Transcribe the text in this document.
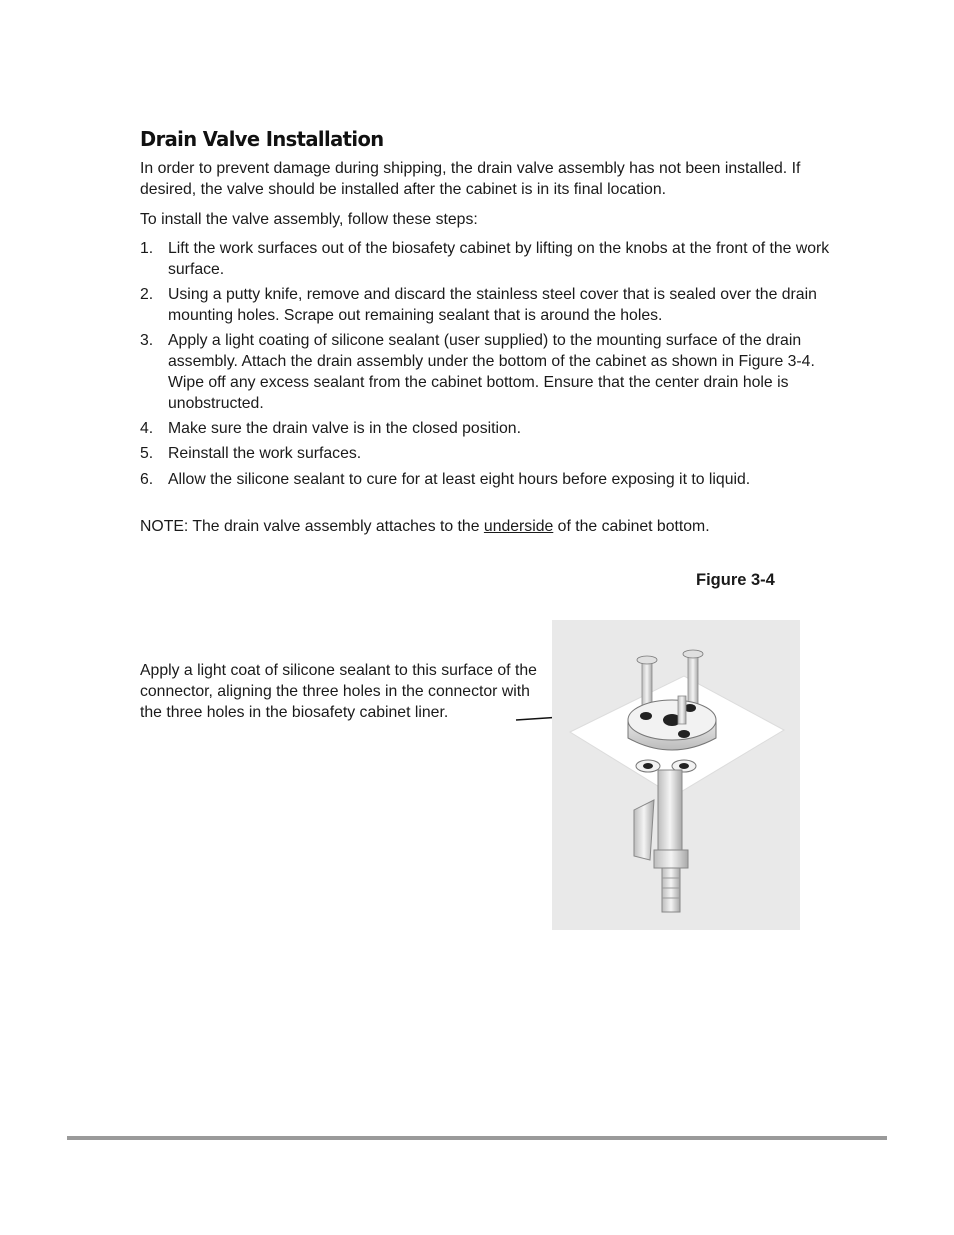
Drain Valve Installation

In order to prevent damage during shipping, the drain valve assembly has not been installed. If desired, the valve should be installed after the cabinet is in its final location.

To install the valve assembly, follow these steps:

1. Lift the work surfaces out of the biosafety cabinet by lifting on the knobs at the front of the work surface.
2. Using a putty knife, remove and discard the stainless steel cover that is sealed over the drain mounting holes. Scrape out remaining sealant that is around the holes.
3. Apply a light coating of silicone sealant (user supplied) to the mounting surface of the drain assembly. Attach the drain assembly under the bottom of the cabinet as shown in Figure 3-4. Wipe off any excess sealant from the cabinet bottom. Ensure that the center drain hole is unobstructed.
4. Make sure the drain valve is in the closed position.
5. Reinstall the work surfaces.
6. Allow the silicone sealant to cure for at least eight hours before exposing it to liquid.

NOTE: The drain valve assembly attaches to the underside of the cabinet bottom.

Figure 3-4

Apply a light coat of silicone sealant to this surface of the connector, aligning the three holes in the connector with the three holes in the biosafety cabinet liner.
